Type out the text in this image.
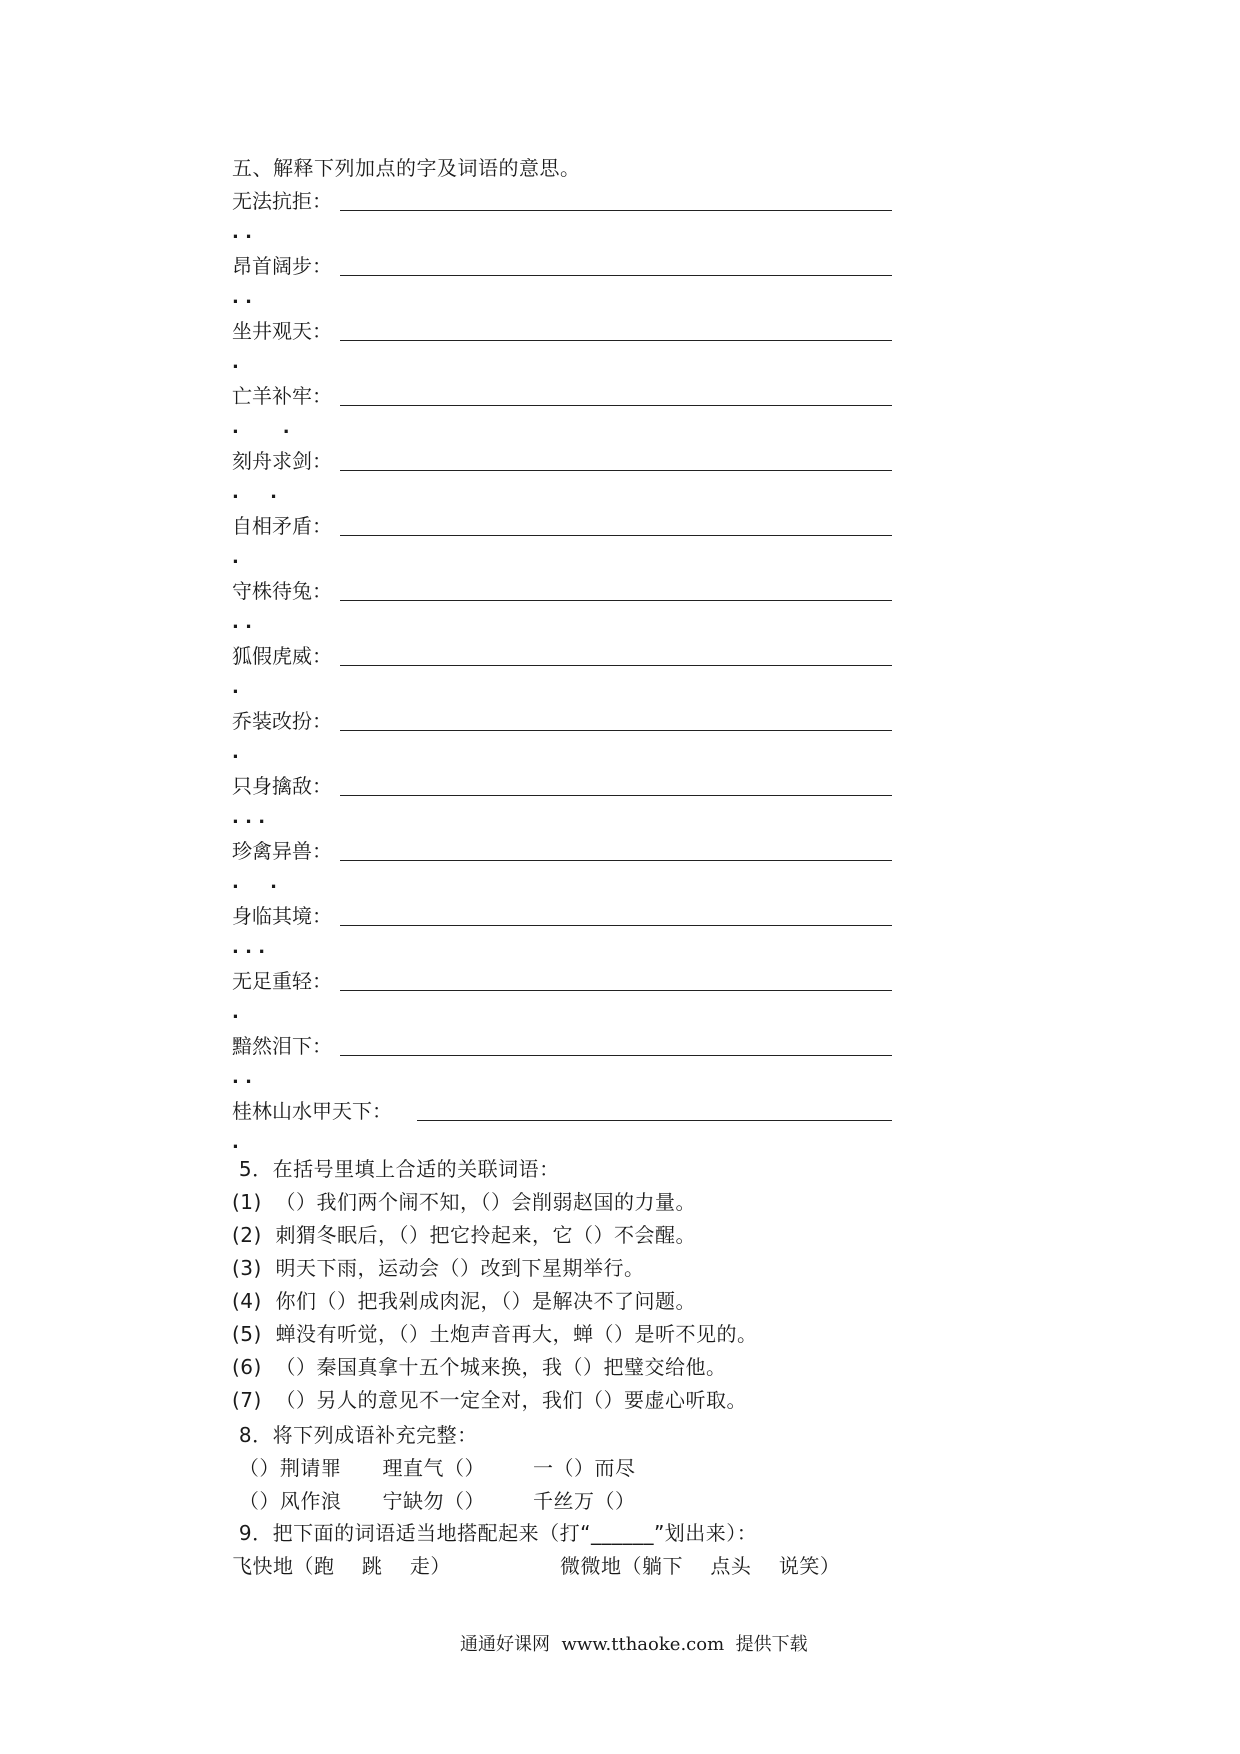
五、解释下列加点的字及词语的意思。
无法抗拒：
. .
昂首阔步：
. .
坐井观天：
.
亡羊补牢：
.       .
刻舟求剑：
.     .
自相矛盾：
.
守株待兔：
. .
狐假虎威：
.
乔装改扮：
.
只身擒敌：
. . .
珍禽异兽：
.     .
身临其境：
. . .
无足重轻：
.
黯然泪下：
. .
桂林山水甲天下：
.
5．在括号里填上合适的关联词语：
(1)  （）我们两个闹不知，（）会削弱赵国的力量。
(2)  刺猬冬眠后，（）把它拎起来，它（）不会醒。
(3)  明天下雨，运动会（）改到下星期举行。
(4)  你们（）把我剁成肉泥，（）是解决不了问题。
(5)  蝉没有听觉，（）土炮声音再大，蝉（）是听不见的。
(6)  （）秦国真拿十五个城来换，我（）把璧交给他。
(7)  （）另人的意见不一定全对，我们（）要虚心听取。
8．将下列成语补充完整：
（）荆请罪      理直气（）       一（）而尽
（）风作浪      宁缺勿（）       千丝万（）
9．把下面的词语适当地搭配起来（打“______”划出来）：
飞快地（跑    跳    走）	微微地（躺下    点头    说笑）
通通好课网  www.tthaoke.com  提供下载
